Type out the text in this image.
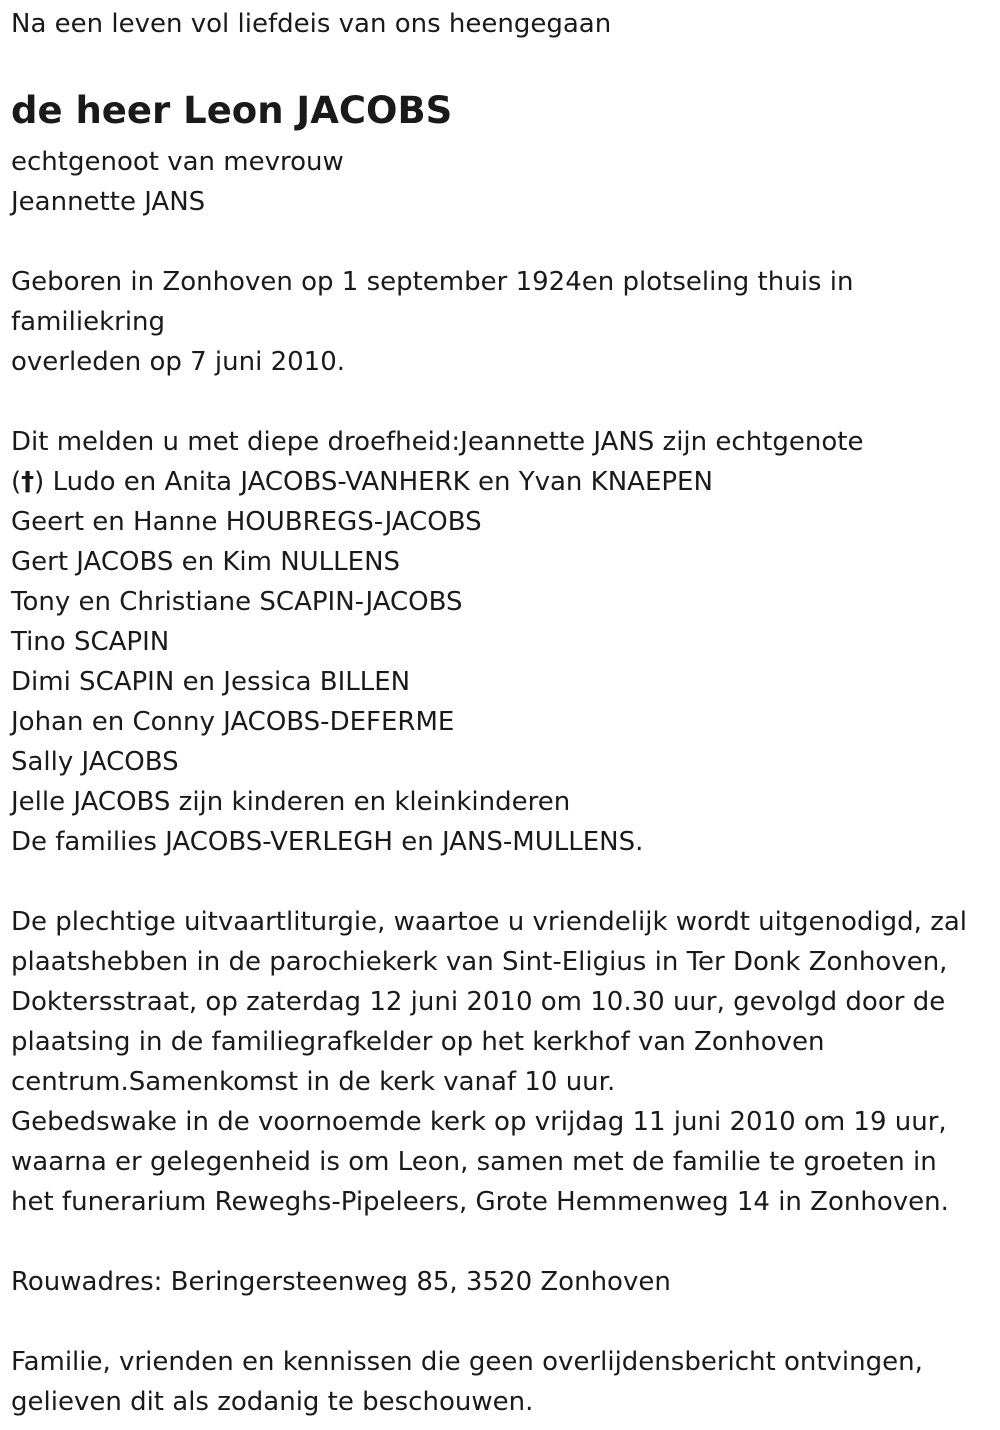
Na een leven vol liefdeis van ons heengegaan
de heer Leon JACOBS
echtgenoot van mevrouw
Jeannette JANS
Geboren in Zonhoven op 1 september 1924en plotseling thuis in
familiekring
overleden op 7 juni 2010.
Dit melden u met diepe droefheid:Jeannette JANS zijn echtgenote
(†) Ludo en Anita JACOBS-VANHERK en Yvan KNAEPEN
Geert en Hanne HOUBREGS-JACOBS
Gert JACOBS en Kim NULLENS
Tony en Christiane SCAPIN-JACOBS
Tino SCAPIN
Dimi SCAPIN en Jessica BILLEN
Johan en Conny JACOBS-DEFERME
Sally JACOBS
Jelle JACOBS zijn kinderen en kleinkinderen
De families JACOBS-VERLEGH en JANS-MULLENS.
De plechtige uitvaartliturgie, waartoe u vriendelijk wordt uitgenodigd, zal
plaatshebben in de parochiekerk van Sint-Eligius in Ter Donk Zonhoven,
Doktersstraat, op zaterdag 12 juni 2010 om 10.30 uur, gevolgd door de
plaatsing in de familiegrafkelder op het kerkhof van Zonhoven
centrum.Samenkomst in de kerk vanaf 10 uur.
Gebedswake in de voornoemde kerk op vrijdag 11 juni 2010 om 19 uur,
waarna er gelegenheid is om Leon, samen met de familie te groeten in
het funerarium Reweghs-Pipeleers, Grote Hemmenweg 14 in Zonhoven.
Rouwadres: Beringersteenweg 85, 3520 Zonhoven
Familie, vrienden en kennissen die geen overlijdensbericht ontvingen,
gelieven dit als zodanig te beschouwen.
